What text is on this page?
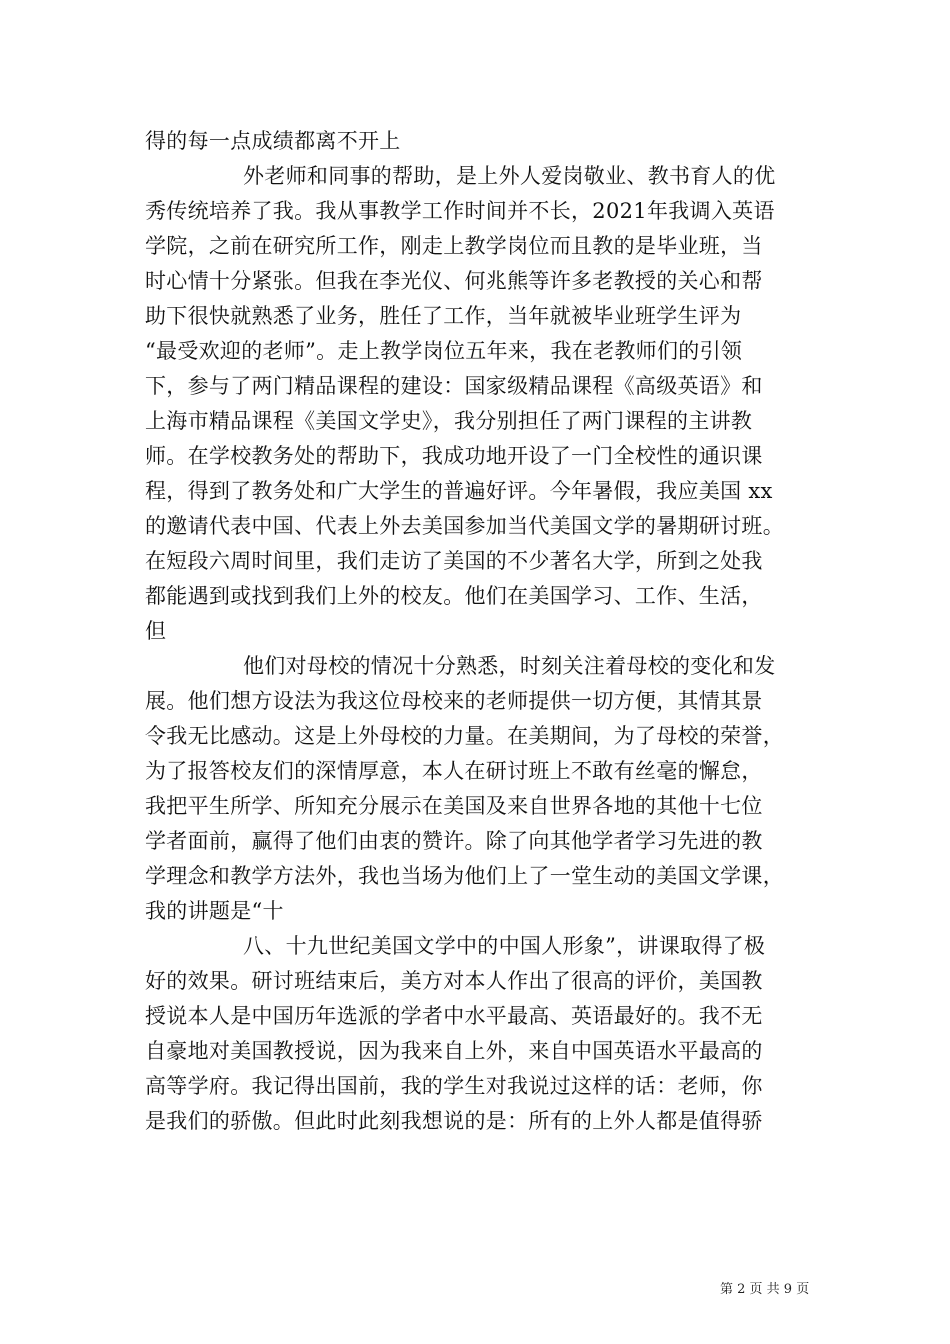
得的每一点成绩都离不开上
外老师和同事的帮助，是上外人爱岗敬业、教书育人的优
秀传统培养了我。我从事教学工作时间并不长，2021年我调入英语
学院，之前在研究所工作，刚走上教学岗位而且教的是毕业班，当
时心情十分紧张。但我在李光仪、何兆熊等许多老教授的关心和帮
助下很快就熟悉了业务，胜任了工作，当年就被毕业班学生评为
“最受欢迎的老师”。走上教学岗位五年来，我在老教师们的引领
下，参与了两门精品课程的建设：国家级精品课程《高级英语》和
上海市精品课程《美国文学史》，我分别担任了两门课程的主讲教
师。在学校教务处的帮助下，我成功地开设了一门全校性的通识课
程，得到了教务处和广大学生的普遍好评。今年暑假，我应美国 xx
的邀请代表中国、代表上外去美国参加当代美国文学的暑期研讨班。
在短段六周时间里，我们走访了美国的不少著名大学，所到之处我
都能遇到或找到我们上外的校友。他们在美国学习、工作、生活，
但
他们对母校的情况十分熟悉，时刻关注着母校的变化和发
展。他们想方设法为我这位母校来的老师提供一切方便，其情其景
令我无比感动。这是上外母校的力量。在美期间，为了母校的荣誉，
为了报答校友们的深情厚意，本人在研讨班上不敢有丝毫的懈怠，
我把平生所学、所知充分展示在美国及来自世界各地的其他十七位
学者面前，赢得了他们由衷的赞许。除了向其他学者学习先进的教
学理念和教学方法外，我也当场为他们上了一堂生动的美国文学课，
我的讲题是“十
八、十九世纪美国文学中的中国人形象”，讲课取得了极
好的效果。研讨班结束后，美方对本人作出了很高的评价，美国教
授说本人是中国历年选派的学者中水平最高、英语最好的。我不无
自豪地对美国教授说，因为我来自上外，来自中国英语水平最高的
高等学府。我记得出国前，我的学生对我说过这样的话：老师，你
是我们的骄傲。但此时此刻我想说的是：所有的上外人都是值得骄
第 2 页 共 9 页
